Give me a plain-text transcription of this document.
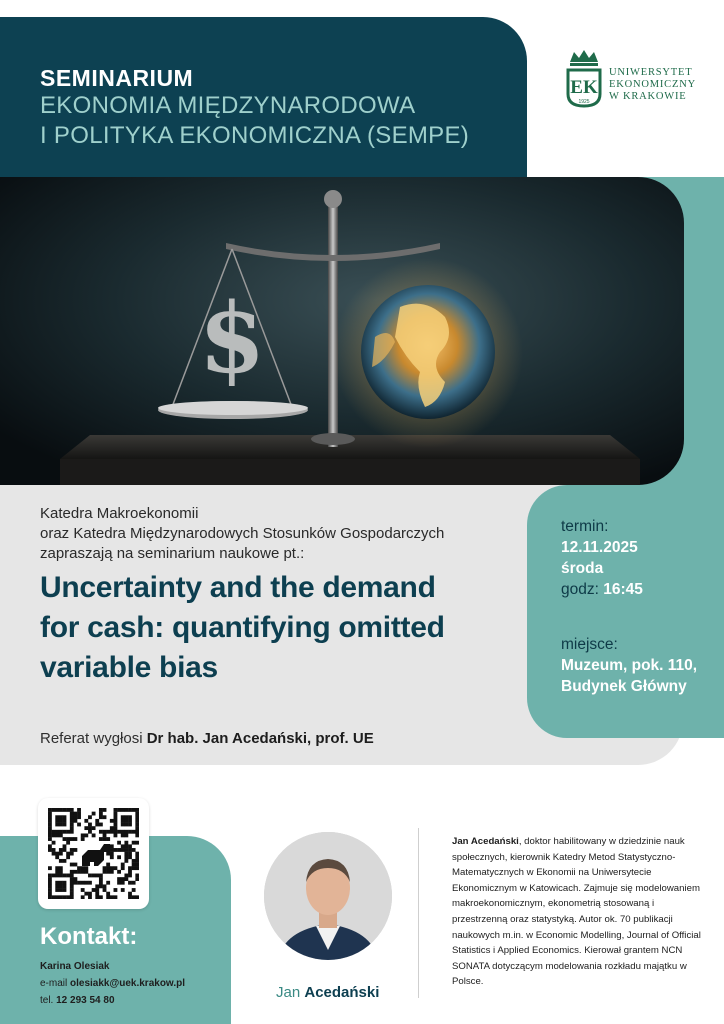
SEMINARIUM
EKONOMIA MIĘDZYNARODOWA
I POLITYKA EKONOMICZNA (SEMPE)
EK
1925
UNIWERSYTET
EKONOMICZNY
W KRAKOWIE
$
Katedra Makroekonomii
oraz Katedra Międzynarodowych Stosunków Gospodarczych
zapraszają na seminarium naukowe pt.:
Uncertainty and the demand
for cash: quantifying omitted
variable bias
Referat wygłosi Dr hab. Jan Acedański, prof. UE
termin:
12.11.2025
środa
godz: 16:45
miejsce:
Muzeum, pok. 110,
Budynek Główny
Kontakt:
Karina Olesiak
e-mail olesiakk@uek.krakow.pl
tel. 12 293 54 80	Jan Acedański
Jan Acedański, doktor habilitowany w dziedzinie nauk społecznych, kierownik Katedry Metod Statystyczno-Matematycznych w Ekonomii na Uniwersytecie Ekonomicznym w Katowicach. Zajmuje się modelowaniem makroekonomicznym, ekonometrią stosowaną i przestrzenną oraz statystyką. Autor ok. 70 publikacji naukowych m.in. w Economic Modelling, Journal of Official Statistics i Applied Economics. Kierował grantem NCN SONATA dotyczącym modelowania rozkładu majątku w Polsce.
